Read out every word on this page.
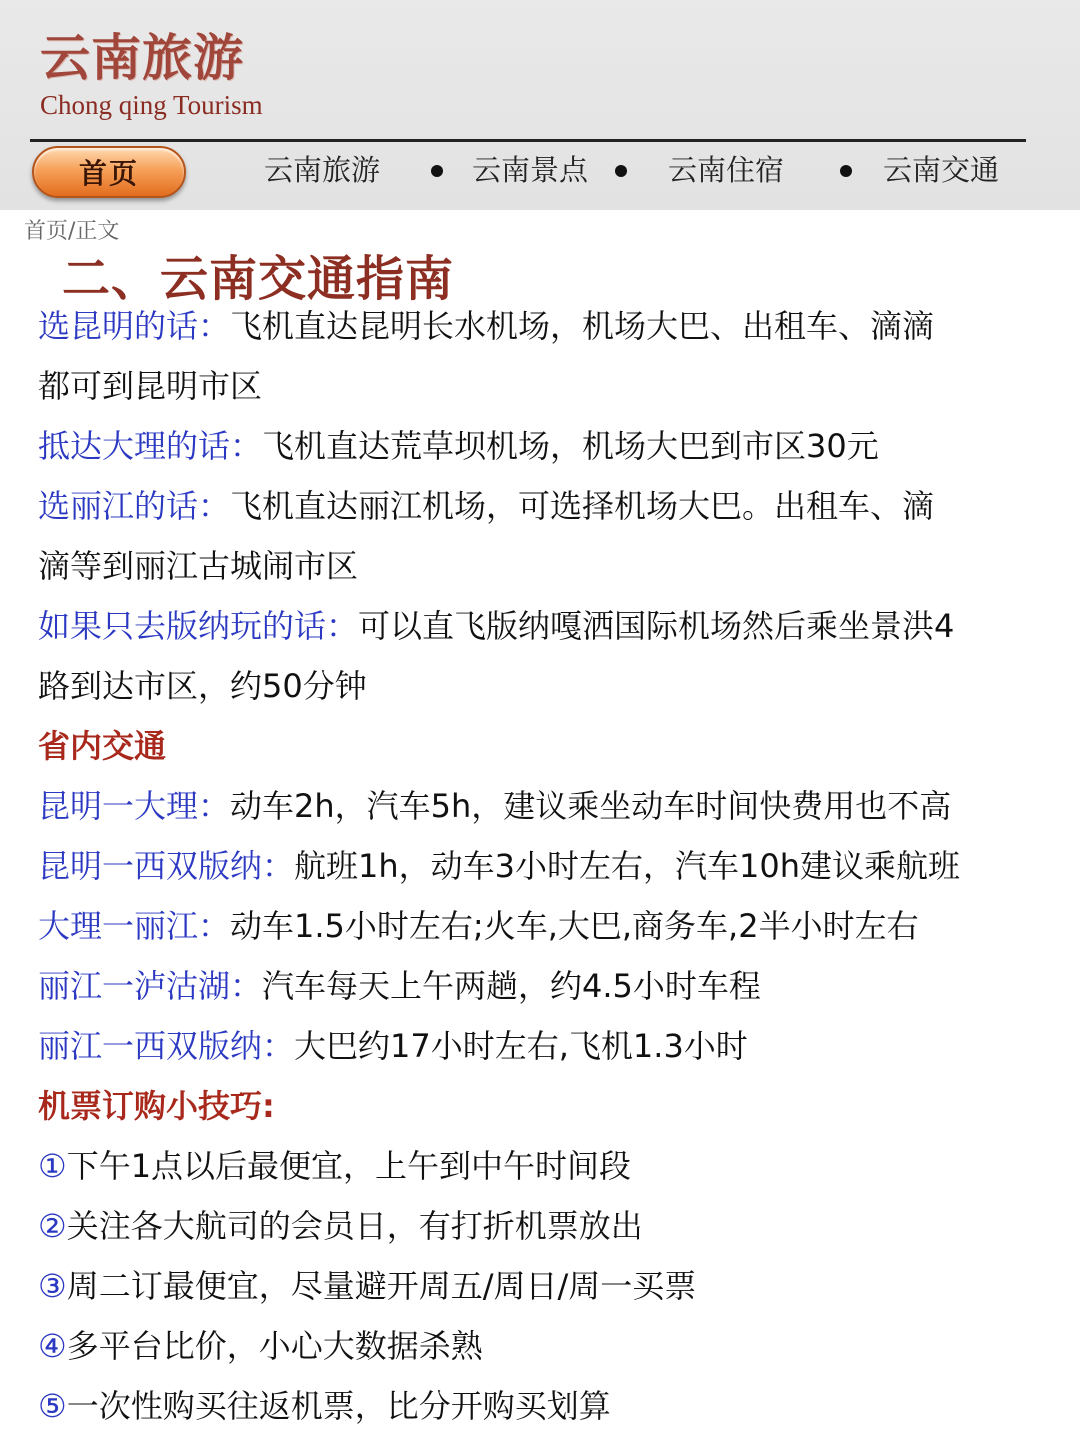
云南旅游
Chong qing Tourism
首页	云南旅游	云南景点	云南住宿	云南交通
首页/正文
二、云南交通指南
选昆明的话：飞机直达昆明长水机场，机场大巴、出租车、滴滴
都可到昆明市区
抵达大理的话：飞机直达荒草坝机场，机场大巴到市区30元
选丽江的话：飞机直达丽江机场，可选择机场大巴。出租车、滴
滴等到丽江古城闹市区
如果只去版纳玩的话：可以直飞版纳嘎洒国际机场然后乘坐景洪4
路到达市区，约50分钟
省内交通
昆明一大理：动车2h，汽车5h，建议乘坐动车时间快费用也不高
昆明一西双版纳：航班1h，动车3小时左右，汽车10h建议乘航班
大理一丽江：动车1.5小时左右;火车,大巴,商务车,2半小时左右
丽江一泸沽湖：汽车每天上午两趟，约4.5小时车程
丽江一西双版纳：大巴约17小时左右,飞机1.3小时
机票订购小技巧:
①下午1点以后最便宜，上午到中午时间段
②关注各大航司的会员日，有打折机票放出
③周二订最便宜，尽量避开周五/周日/周一买票
④多平台比价，小心大数据杀熟
⑤一次性购买往返机票，比分开购买划算
